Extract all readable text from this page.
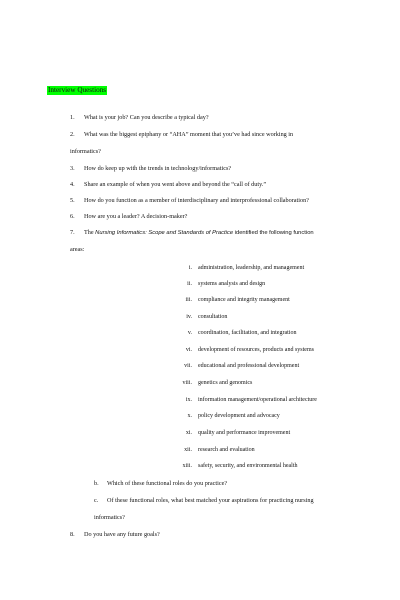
Interview Questions
1. What is your job? Can you describe a typical day?
2. What was the biggest epiphany or “AHA” moment that you’ve had since working in
informatics?
3. How do keep up with the trends in technology/informatics?
4. Share an example of when you went above and beyond the “call of duty.”
5. How do you function as a member of interdisciplinary and interprofessional collaboration?
6. How are you a leader? A decision-maker?
7. The Nursing Informatics: Scope and Standards of Practice identified the following function
areas:
i. administration, leadership, and management
ii. systems analysis and design
iii. compliance and integrity management
iv. consultation
v. coordination, facilitation, and integration
vi. development of resources, products and systems
vii. educational and professional development
viii. genetics and genomics
ix. information management/operational architecture
x. policy development and advocacy
xi. quality and performance improvement
xii. research and evaluation
xiii. safety, security, and environmental health
b. Which of these functional roles do you practice?
c. Of these functional roles, what best matched your aspirations for practicing nursing
informatics?
8. Do you have any future goals?
